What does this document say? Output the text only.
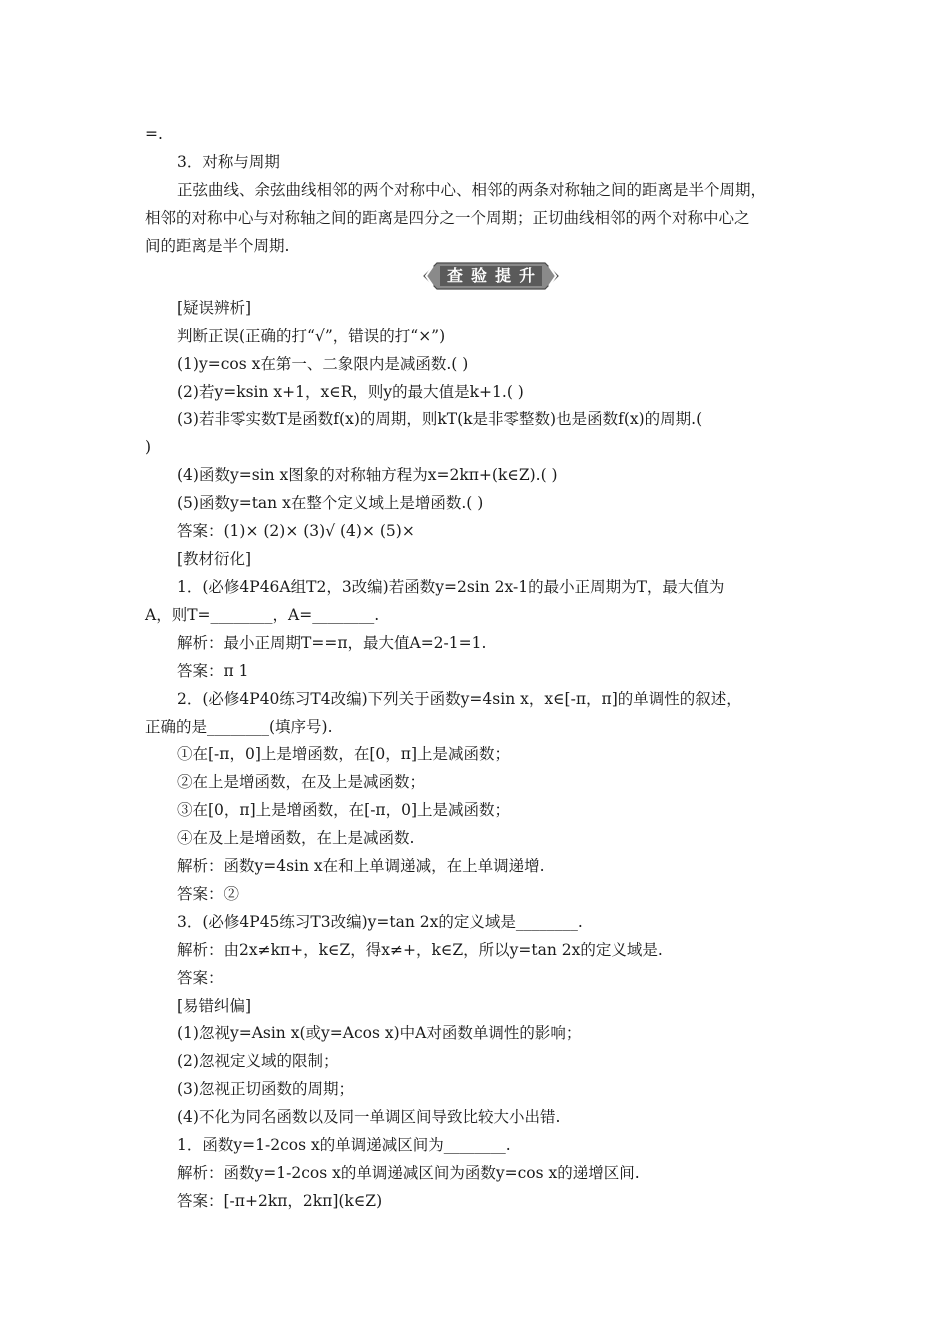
=.
3．对称与周期
正弦曲线、余弦曲线相邻的两个对称中心、相邻的两条对称轴之间的距离是半个周期，
相邻的对称中心与对称轴之间的距离是四分之一个周期；正切曲线相邻的两个对称中心之
间的距离是半个周期.
查验提升
[疑误辨析]
判断正误(正确的打“√”，错误的打“×”)
(1)y=cos x在第一、二象限内是减函数.( )
(2)若y=ksin x+1，x∈R，则y的最大值是k+1.( )
(3)若非零实数T是函数f(x)的周期，则kT(k是非零整数)也是函数f(x)的周期.(
)
(4)函数y=sin x图象的对称轴方程为x=2kπ+(k∈Z).( )
(5)函数y=tan x在整个定义域上是增函数.( )
答案：(1)× (2)× (3)√ (4)× (5)×
[教材衍化]
1．(必修4P46A组T2，3改编)若函数y=2sin 2x-1的最小正周期为T，最大值为
A，则T=________，A=________.
解析：最小正周期T==π，最大值A=2-1=1.
答案：π 1
2．(必修4P40练习T4改编)下列关于函数y=4sin x，x∈[-π，π]的单调性的叙述，
正确的是________(填序号).
①在[-π，0]上是增函数，在[0，π]上是减函数；
②在上是增函数，在及上是减函数；
③在[0，π]上是增函数，在[-π，0]上是减函数；
④在及上是增函数，在上是减函数.
解析：函数y=4sin x在和上单调递减，在上单调递增.
答案：②
3．(必修4P45练习T3改编)y=tan 2x的定义域是________.
解析：由2x≠kπ+，k∈Z，得x≠+，k∈Z，所以y=tan 2x的定义域是.
答案：
[易错纠偏]
(1)忽视y=Asin x(或y=Acos x)中A对函数单调性的影响；
(2)忽视定义域的限制；
(3)忽视正切函数的周期；
(4)不化为同名函数以及同一单调区间导致比较大小出错.
1．函数y=1-2cos x的单调递减区间为________.
解析：函数y=1-2cos x的单调递减区间为函数y=cos x的递增区间.
答案：[-π+2kπ，2kπ](k∈Z)
